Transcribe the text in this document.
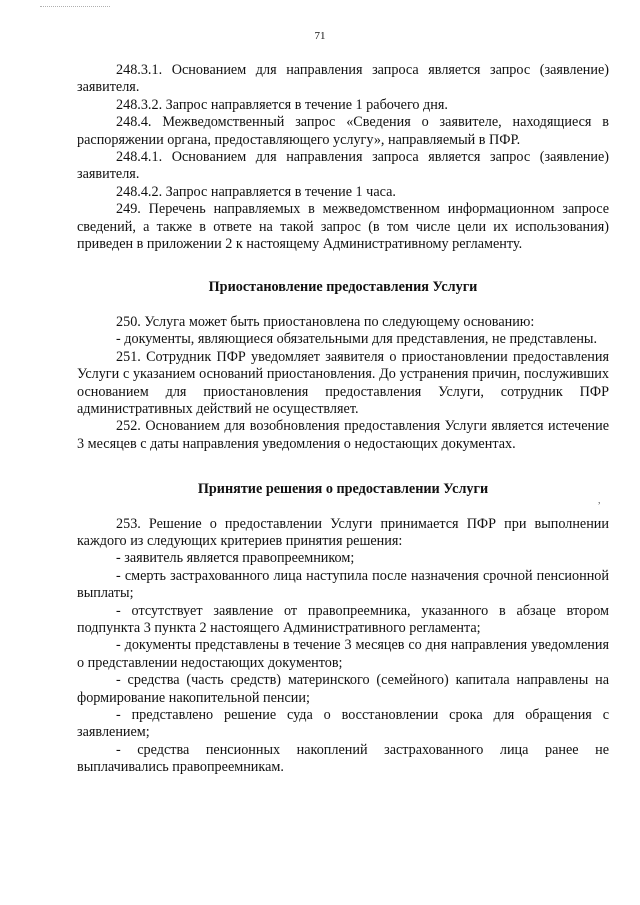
71

248.3.1. Основанием для направления запроса является запрос (заявление) заявителя.

248.3.2. Запрос направляется в течение 1 рабочего дня.

248.4. Межведомственный запрос «Сведения о заявителе, находящиеся в распоряжении органа, предоставляющего услугу», направляемый в ПФР.

248.4.1. Основанием для направления запроса является запрос (заявление) заявителя.

248.4.2. Запрос направляется в течение 1 часа.

249. Перечень направляемых в межведомственном информационном запросе сведений, а также в ответе на такой запрос (в том числе цели их использования) приведен в приложении 2 к настоящему Административному регламенту.

Приостановление предоставления Услуги

250. Услуга может быть приостановлена по следующему основанию:

- документы, являющиеся обязательными для представления, не представлены.

251. Сотрудник ПФР уведомляет заявителя о приостановлении предоставления Услуги с указанием оснований приостановления. До устранения причин, послуживших основанием для приостановления предоставления Услуги, сотрудник ПФР административных действий не осуществляет.

252. Основанием для возобновления предоставления Услуги является истечение 3 месяцев с даты направления уведомления о недостающих документах.

Принятие решения о предоставлении Услуги

253. Решение о предоставлении Услуги принимается ПФР при выполнении каждого из следующих критериев принятия решения:

- заявитель является правопреемником;

- смерть застрахованного лица наступила после назначения срочной пенсионной выплаты;

- отсутствует заявление от правопреемника, указанного в абзаце втором подпункта 3 пункта 2 настоящего Административного регламента;

- документы представлены в течение 3 месяцев со дня направления уведомления о представлении недостающих документов;

- средства (часть средств) материнского (семейного) капитала направлены на формирование накопительной пенсии;

- представлено решение суда о восстановлении срока для обращения с заявлением;

- средства пенсионных накоплений застрахованного лица ранее не выплачивались правопреемникам.

,
